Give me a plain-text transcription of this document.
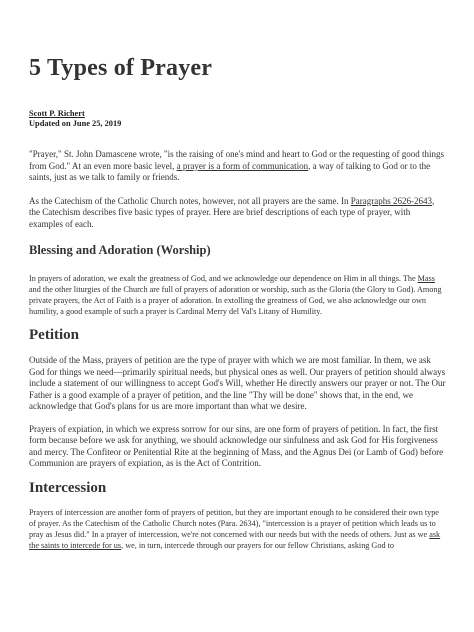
5 Types of Prayer
Scott P. Richert
Updated on June 25, 2019

"Prayer," St. John Damascene wrote, "is the raising of one's mind and heart to God or the requesting of good things from God." At an even more basic level, a prayer is a form of communication, a way of talking to God or to the saints, just as we talk to family or friends.

As the Catechism of the Catholic Church notes, however, not all prayers are the same. In Paragraphs 2626-2643, the Catechism describes five basic types of prayer. Here are brief descriptions of each type of prayer, with examples of each.

Blessing and Adoration (Worship)

In prayers of adoration, we exalt the greatness of God, and we acknowledge our dependence on Him in all things. The Mass and the other liturgies of the Church are full of prayers of adoration or worship, such as the Gloria (the Glory to God). Among private prayers, the Act of Faith is a prayer of adoration. In extolling the greatness of God, we also acknowledge our own humility, a good example of such a prayer is Cardinal Merry del Val's Litany of Humility.

Petition

Outside of the Mass, prayers of petition are the type of prayer with which we are most familiar. In them, we ask God for things we need—primarily spiritual needs, but physical ones as well. Our prayers of petition should always include a statement of our willingness to accept God's Will, whether He directly answers our prayer or not. The Our Father is a good example of a prayer of petition, and the line "Thy will be done" shows that, in the end, we acknowledge that God's plans for us are more important than what we desire.

Prayers of expiation, in which we express sorrow for our sins, are one form of prayers of petition. In fact, the first form because before we ask for anything, we should acknowledge our sinfulness and ask God for His forgiveness and mercy. The Confiteor or Penitential Rite at the beginning of Mass, and the Agnus Dei (or Lamb of God) before Communion are prayers of expiation, as is the Act of Contrition.

Intercession

Prayers of intercession are another form of prayers of petition, but they are important enough to be considered their own type of prayer. As the Catechism of the Catholic Church notes (Para. 2634), "intercession is a prayer of petition which leads us to pray as Jesus did." In a prayer of intercession, we're not concerned with our needs but with the needs of others. Just as we ask the saints to intercede for us, we, in turn, intercede through our prayers for our fellow Christians, asking God to
